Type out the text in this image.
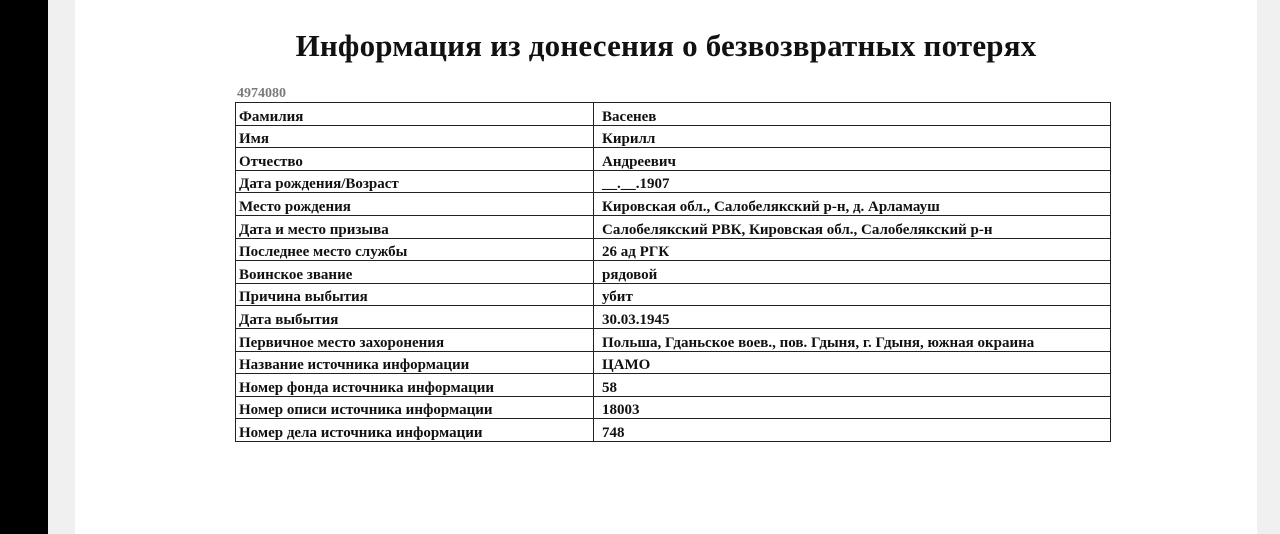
Информация из донесения о безвозвратных потерях
4974080
Фамилия	Васенев
Имя	Кирилл
Отчество	Андреевич
Дата рождения/Возраст	__.__.1907
Место рождения	Кировская обл., Салобелякский р-н, д. Арламауш
Дата и место призыва	Салобелякский РВК, Кировская обл., Салобелякский р-н
Последнее место службы	26 ад РГК
Воинское звание	рядовой
Причина выбытия	убит
Дата выбытия	30.03.1945
Первичное место захоронения	Польша, Гданьское воев., пов. Гдыня, г. Гдыня, южная окраина
Название источника информации	ЦАМО
Номер фонда источника информации	58
Номер описи источника информации	18003
Номер дела источника информации	748
